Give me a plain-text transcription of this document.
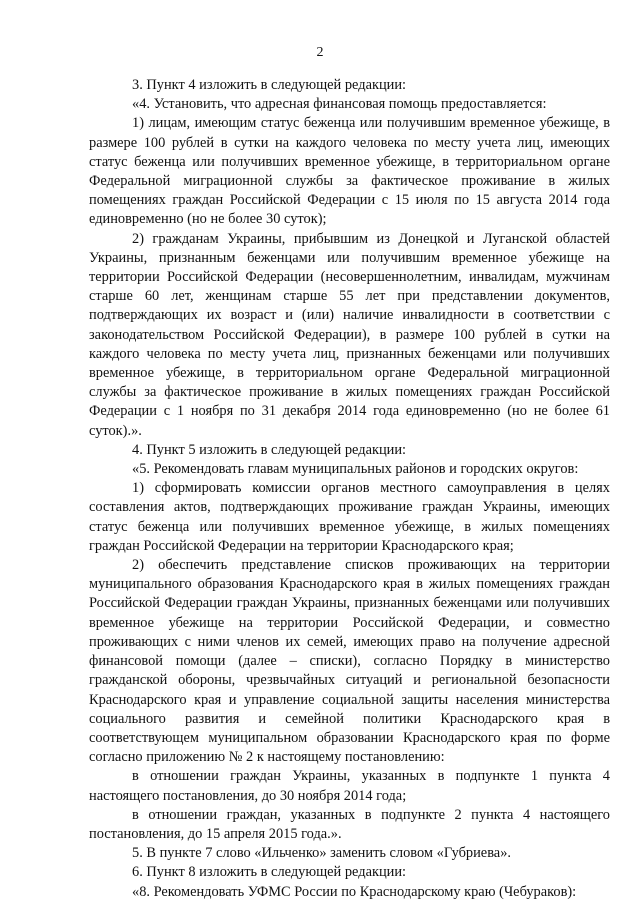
2

3. Пункт 4 изложить в следующей редакции:

«4. Установить, что адресная финансовая помощь предоставляется:

1) лицам, имеющим статус беженца или получившим временное убежище, в размере 100 рублей в сутки на каждого человека по месту учета лиц, имеющих статус беженца или получивших временное убежище, в территориальном органе Федеральной миграционной службы за фактическое проживание в жилых помещениях граждан Российской Федерации с 15 июля по 15 августа 2014 года единовременно (но не более 30 суток);

2) гражданам Украины, прибывшим из Донецкой и Луганской областей Украины, признанным беженцами или получившим временное убежище на территории Российской Федерации (несовершеннолетним, инвалидам, мужчинам старше 60 лет, женщинам старше 55 лет при представлении документов, подтверждающих их возраст и (или) наличие инвалидности в соответствии с законодательством Российской Федерации), в размере 100 рублей в сутки на каждого человека по месту учета лиц, признанных беженцами или получивших временное убежище, в территориальном органе Федеральной миграционной службы за фактическое проживание в жилых помещениях граждан Российской Федерации с 1 ноября по 31 декабря 2014 года единовременно (но не более 61 суток).».

4. Пункт 5 изложить в следующей редакции:

«5. Рекомендовать главам муниципальных районов и городских округов:

1) сформировать комиссии органов местного самоуправления в целях составления актов, подтверждающих проживание граждан Украины, имеющих статус беженца или получивших временное убежище, в жилых помещениях граждан Российской Федерации на территории Краснодарского края;

2) обеспечить представление списков проживающих на территории муниципального образования Краснодарского края в жилых помещениях граждан Российской Федерации граждан Украины, признанных беженцами или получивших временное убежище на территории Российской Федерации, и совместно проживающих с ними членов их семей, имеющих право на получение адресной финансовой помощи (далее – списки), согласно Порядку в министерство гражданской обороны, чрезвычайных ситуаций и региональной безопасности Краснодарского края и управление социальной защиты населения министерства социального развития и семейной политики Краснодарского края в соответствующем муниципальном образовании Краснодарского края по форме согласно приложению № 2 к настоящему постановлению:

в отношении граждан Украины, указанных в подпункте 1 пункта 4 настоящего постановления, до 30 ноября 2014 года;

в отношении граждан, указанных в подпункте 2 пункта 4 настоящего постановления, до 15 апреля 2015 года.».

5. В пункте 7 слово «Ильченко» заменить словом «Губриева».

6. Пункт 8 изложить в следующей редакции:

«8. Рекомендовать УФМС России по Краснодарскому краю (Чебураков):
